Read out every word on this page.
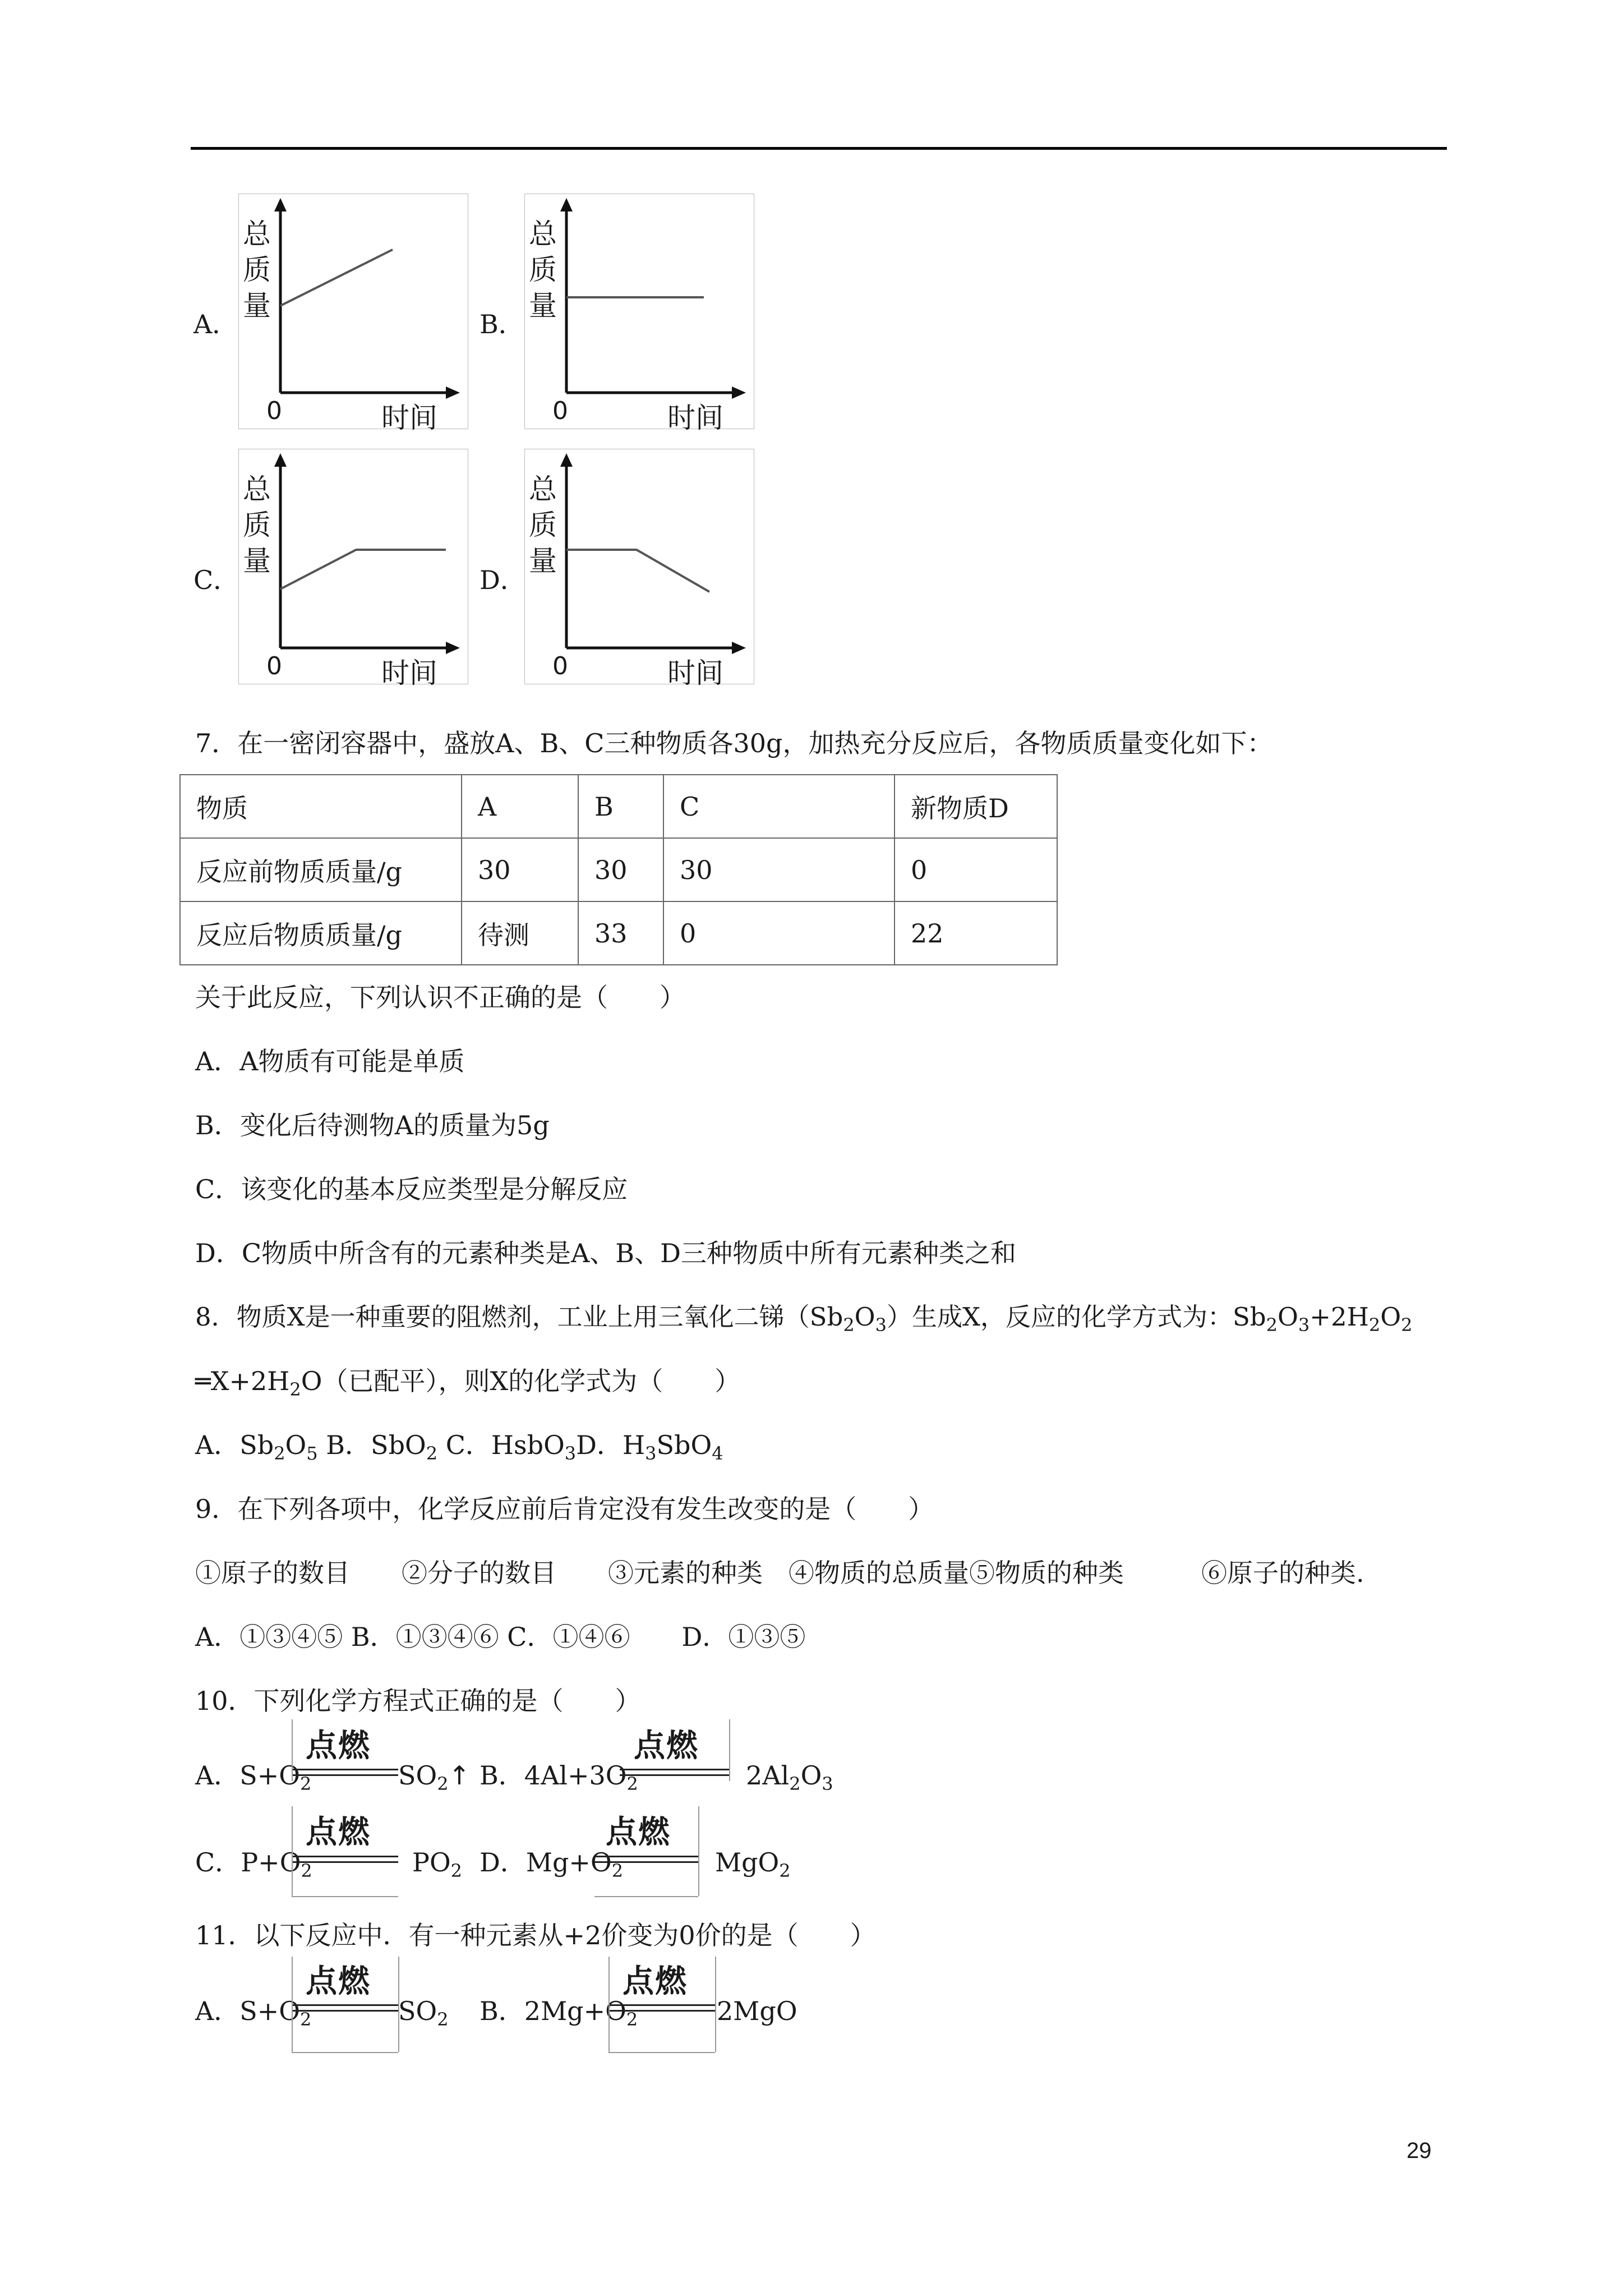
A．
总
质
量
0	时间
B．
总
质
量
0	时间
C．
总
质
量
0	时间
D．
总
质
量
0	时间
7．在一密闭容器中，盛放A、B、C三种物质各30g，加热充分反应后，各物质质量变化如下：
物质	A	B	C	新物质D
反应前物质质量/g	30	30	30	0
反应后物质质量/g	待测	33	0	22
关于此反应，下列认识不正确的是（　　）
A．A物质有可能是单质
B．变化后待测物A的质量为5g
C．该变化的基本反应类型是分解反应
D．C物质中所含有的元素种类是A、B、D三种物质中所有元素种类之和
8．物质X是一种重要的阻燃剂，工业上用三氧化二锑$(Sb_2O_3)$生成X，反应的化学方式为：$Sb_2O_3+2H_2O_2$
$═X+2H_2O$（已配平），则X的化学式为（　　）
A．$Sb_2O_5$ B．SbO$_2$ C．HsbO$_3$D．$H_3SbO_4$
9．在下列各项中，化学反应前后肯定没有发生改变的是（　　）
①原子的数目　　②分子的数目　　③元素的种类　④物质的总质量⑤物质的种类　　　⑥原子的种类.
A．①③④⑤ B．①③④⑥ C．①④⑥　　D．①③⑤
10．下列化学方程式正确的是（　　）
A．$S+O_2$
点燃
$SO_2↑$ B．$4Al+3O_2$
点燃
$2Al_2O_3$
C．$P+O_2$
点燃
$PO_2$ D．$Mg+O_2$
点燃
MgO$_2$
11．以下反应中．有一种元素从+2价变为0价的是（　　）
A．$S+O_2$
点燃
$SO_2$ B．$2Mg+O_2$
点燃
2MgO
29
